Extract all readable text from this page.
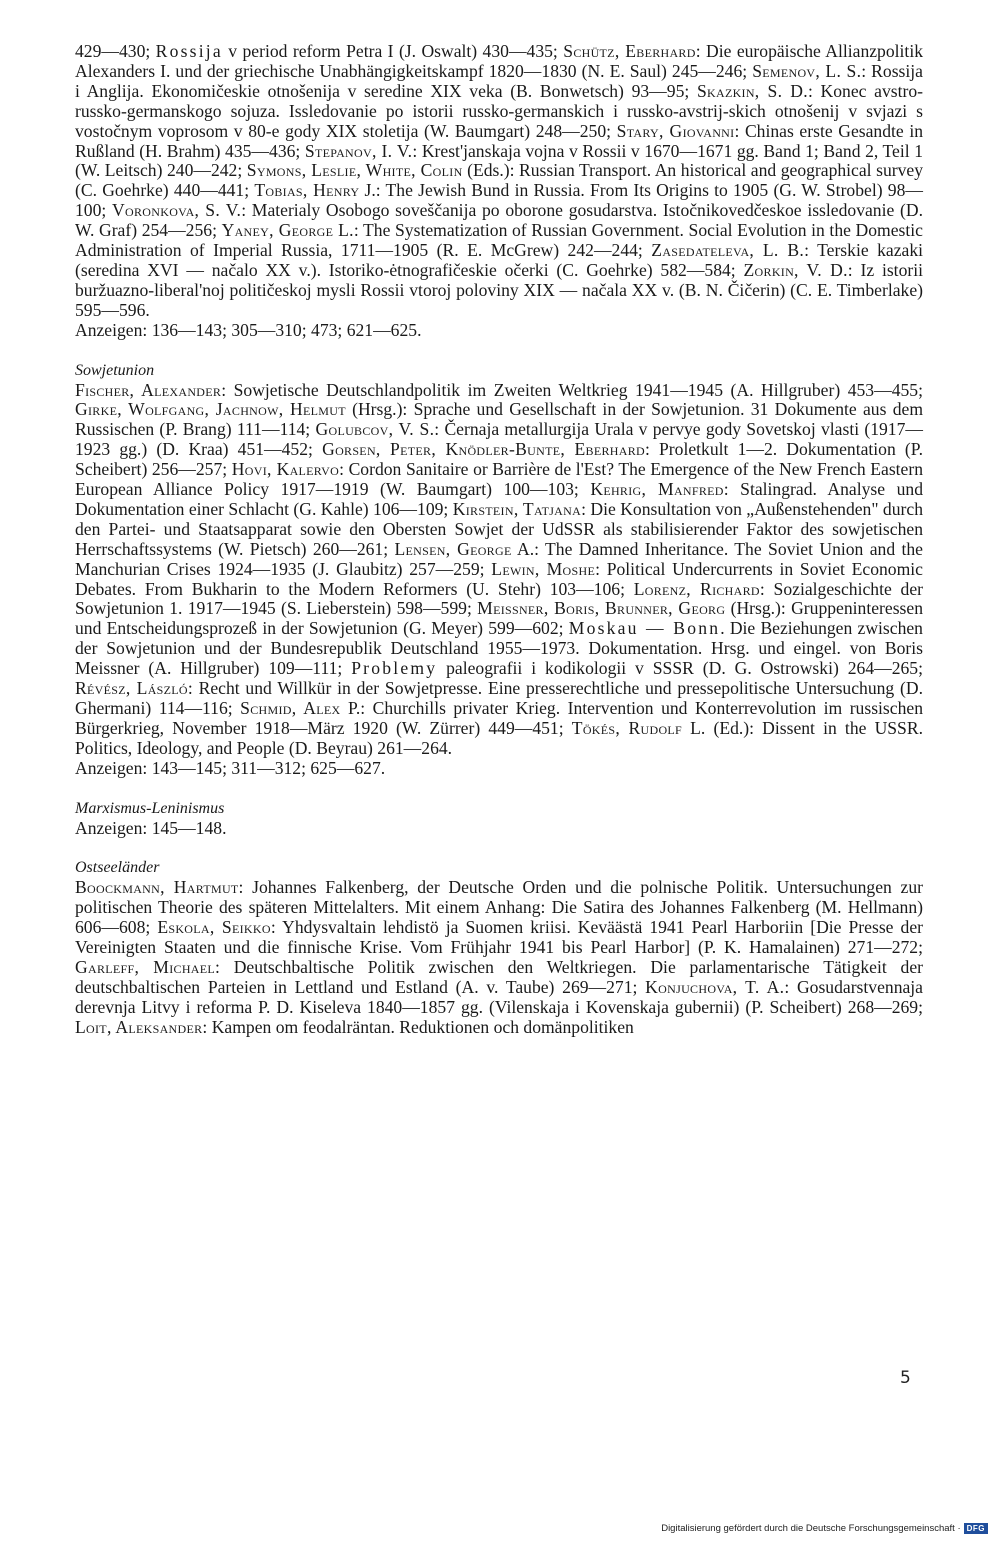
429—430; Rossija v period reform Petra I (J. Oswalt) 430—435; Schütz, Eberhard: Die europäische Allianzpolitik Alexanders I. und der griechische Unabhängigkeitskampf 1820—1830 (N. E. Saul) 245—246; Semenov, L. S.: Rossija i Anglija. Ekonomičeskie otnošenija v seredine XIX veka (B. Bonwetsch) 93—95; Skazkin, S. D.: Konec avstro-russko-germanskogo sojuza. Issledovanie po istorii russko-germanskich i russko-avstrij-skich otnošenij v svjazi s vostočnym voprosom v 80-e gody XIX stoletija (W. Baumgart) 248—250; Stary, Giovanni: Chinas erste Gesandte in Rußland (H. Brahm) 435—436; Stepanov, I. V.: Krest'janskaja vojna v Rossii v 1670—1671 gg. Band 1; Band 2, Teil 1 (W. Leitsch) 240—242; Symons, Leslie, White, Colin (Eds.): Russian Transport. An historical and geographical survey (C. Goehrke) 440—441; Tobias, Henry J.: The Jewish Bund in Russia. From Its Origins to 1905 (G. W. Strobel) 98—100; Voronkova, S. V.: Materialy Osobogo soveščanija po oborone gosudarstva. Istočnikovedčeskoe issledovanie (D. W. Graf) 254—256; Yaney, George L.: The Systematization of Russian Government. Social Evolution in the Domestic Administration of Imperial Russia, 1711—1905 (R. E. McGrew) 242—244; Zasedateleva, L. B.: Terskie kazaki (seredina XVI — načalo XX v.). Istoriko-ėtnografičeskie očerki (C. Goehrke) 582—584; Zorkin, V. D.: Iz istorii buržuazno-liberal'noj političeskoj mysli Rossii vtoroj poloviny XIX — načala XX v. (B. N. Čičerin) (C. E. Timberlake) 595—596.

Anzeigen: 136—143; 305—310; 473; 621—625.

Sowjetunion

Fischer, Alexander: Sowjetische Deutschlandpolitik im Zweiten Weltkrieg 1941—1945 (A. Hillgruber) 453—455; Girke, Wolfgang, Jachnow, Helmut (Hrsg.): Sprache und Gesellschaft in der Sowjetunion. 31 Dokumente aus dem Russischen (P. Brang) 111—114; Golubcov, V. S.: Černaja metallurgija Urala v pervye gody Sovetskoj vlasti (1917—1923 gg.) (D. Kraa) 451—452; Gorsen, Peter, Knödler-Bunte, Eberhard: Proletkult 1—2. Dokumentation (P. Scheibert) 256—257; Hovi, Kalervo: Cordon Sanitaire or Barrière de l'Est? The Emergence of the New French Eastern European Alliance Policy 1917—1919 (W. Baumgart) 100—103; Kehrig, Manfred: Stalingrad. Analyse und Dokumentation einer Schlacht (G. Kahle) 106—109; Kirstein, Tatjana: Die Konsultation von „Außenstehenden" durch den Partei- und Staatsapparat sowie den Obersten Sowjet der UdSSR als stabilisierender Faktor des sowjetischen Herrschaftssystems (W. Pietsch) 260—261; Lensen, George A.: The Damned Inheritance. The Soviet Union and the Manchurian Crises 1924—1935 (J. Glaubitz) 257—259; Lewin, Moshe: Political Undercurrents in Soviet Economic Debates. From Bukharin to the Modern Reformers (U. Stehr) 103—106; Lorenz, Richard: Sozialgeschichte der Sowjetunion 1. 1917—1945 (S. Lieberstein) 598—599; Meissner, Boris, Brunner, Georg (Hrsg.): Gruppeninteressen und Entscheidungsprozeß in der Sowjetunion (G. Meyer) 599—602; Moskau — Bonn. Die Beziehungen zwischen der Sowjetunion und der Bundesrepublik Deutschland 1955—1973. Dokumentation. Hrsg. und eingel. von Boris Meissner (A. Hillgruber) 109—111; Problemy paleografii i kodikologii v SSSR (D. G. Ostrowski) 264—265; Révész, László: Recht und Willkür in der Sowjetpresse. Eine presserechtliche und pressepolitische Untersuchung (D. Ghermani) 114—116; Schmid, Alex P.: Churchills privater Krieg. Intervention und Konterrevolution im russischen Bürgerkrieg, November 1918—März 1920 (W. Zürrer) 449—451; Tökés, Rudolf L. (Ed.): Dissent in the USSR. Politics, Ideology, and People (D. Beyrau) 261—264.

Anzeigen: 143—145; 311—312; 625—627.

Marxismus-Leninismus

Anzeigen: 145—148.

Ostseeländer

Boockmann, Hartmut: Johannes Falkenberg, der Deutsche Orden und die polnische Politik. Untersuchungen zur politischen Theorie des späteren Mittelalters. Mit einem Anhang: Die Satira des Johannes Falkenberg (M. Hellmann) 606—608; Eskola, Seikko: Yhdysvaltain lehdistö ja Suomen kriisi. Keväästä 1941 Pearl Harboriin [Die Presse der Vereinigten Staaten und die finnische Krise. Vom Frühjahr 1941 bis Pearl Harbor] (P. K. Hamalainen) 271—272; Garleff, Michael: Deutschbaltische Politik zwischen den Weltkriegen. Die parlamentarische Tätigkeit der deutschbaltischen Parteien in Lettland und Estland (A. v. Taube) 269—271; Konjuchova, T. A.: Gosudarstvennaja derevnja Litvy i reforma P. D. Kiseleva 1840—1857 gg. (Vilenskaja i Kovenskaja gubernii) (P. Scheibert) 268—269; Loit, Aleksander: Kampen om feodalräntan. Reduktionen och domänpolitiken

5
Digitalisierung gefördert durch die Deutsche Forschungsgemeinschaft · DFG
